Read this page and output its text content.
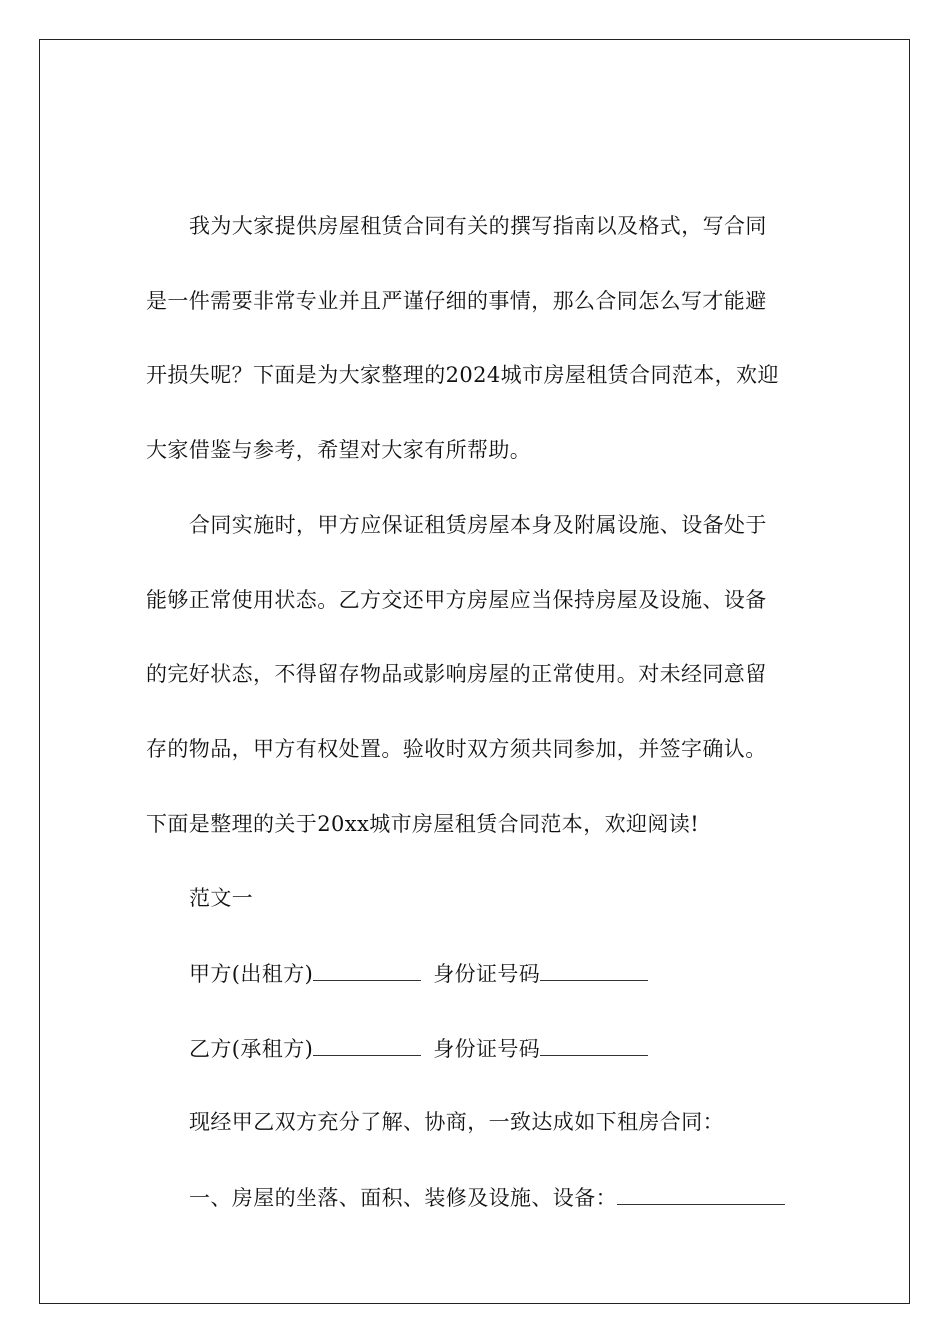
我为大家提供房屋租赁合同有关的撰写指南以及格式，写合同
是一件需要非常专业并且严谨仔细的事情，那么合同怎么写才能避
开损失呢？下面是为大家整理的2024城市房屋租赁合同范本，欢迎
大家借鉴与参考，希望对大家有所帮助。
合同实施时，甲方应保证租赁房屋本身及附属设施、设备处于
能够正常使用状态。乙方交还甲方房屋应当保持房屋及设施、设备
的完好状态，不得留存物品或影响房屋的正常使用。对未经同意留
存的物品，甲方有权处置。验收时双方须共同参加，并签字确认。
下面是整理的关于20xx城市房屋租赁合同范本，欢迎阅读!
范文一
甲方(出租方)	身份证号码
乙方(承租方)	身份证号码
现经甲乙双方充分了解、协商，一致达成如下租房合同：
一、房屋的坐落、面积、装修及设施、设备：
